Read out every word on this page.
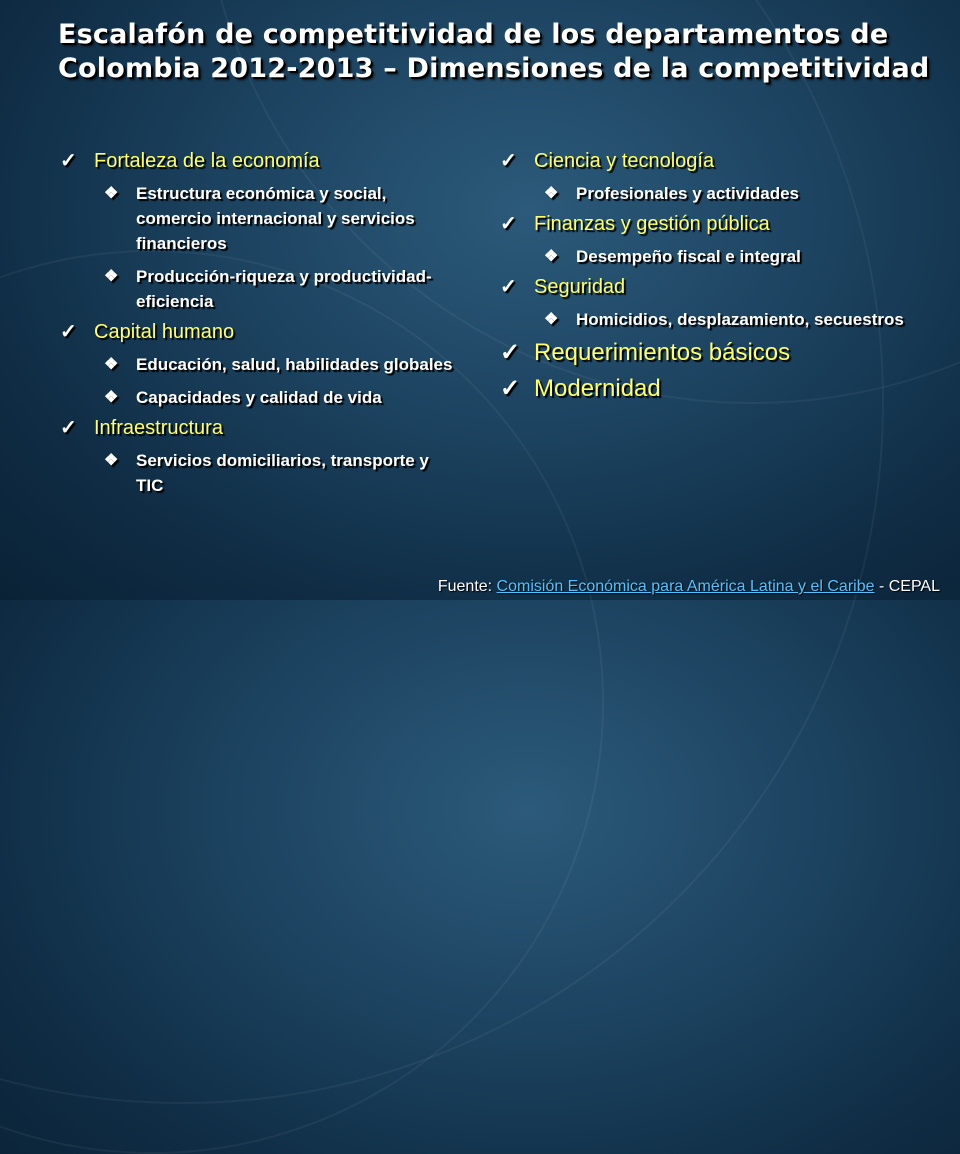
Escalafón de competitividad de los departamentos de Colombia 2012-2013 – Dimensiones de la competitividad
✓ Fortaleza de la economía
❖ Estructura económica y social, comercio internacional y servicios financieros
❖ Producción-riqueza y productividad-eficiencia
✓ Capital humano
❖ Educación, salud, habilidades globales
❖ Capacidades y calidad de vida
✓ Infraestructura
❖ Servicios domiciliarios, transporte y TIC
✓ Ciencia y tecnología
❖ Profesionales y actividades
✓ Finanzas y gestión pública
❖ Desempeño fiscal e integral
✓ Seguridad
❖ Homicidios, desplazamiento, secuestros
✓ Requerimientos básicos
✓ Modernidad
Fuente: Comisión Económica para América Latina y el Caribe - CEPAL
